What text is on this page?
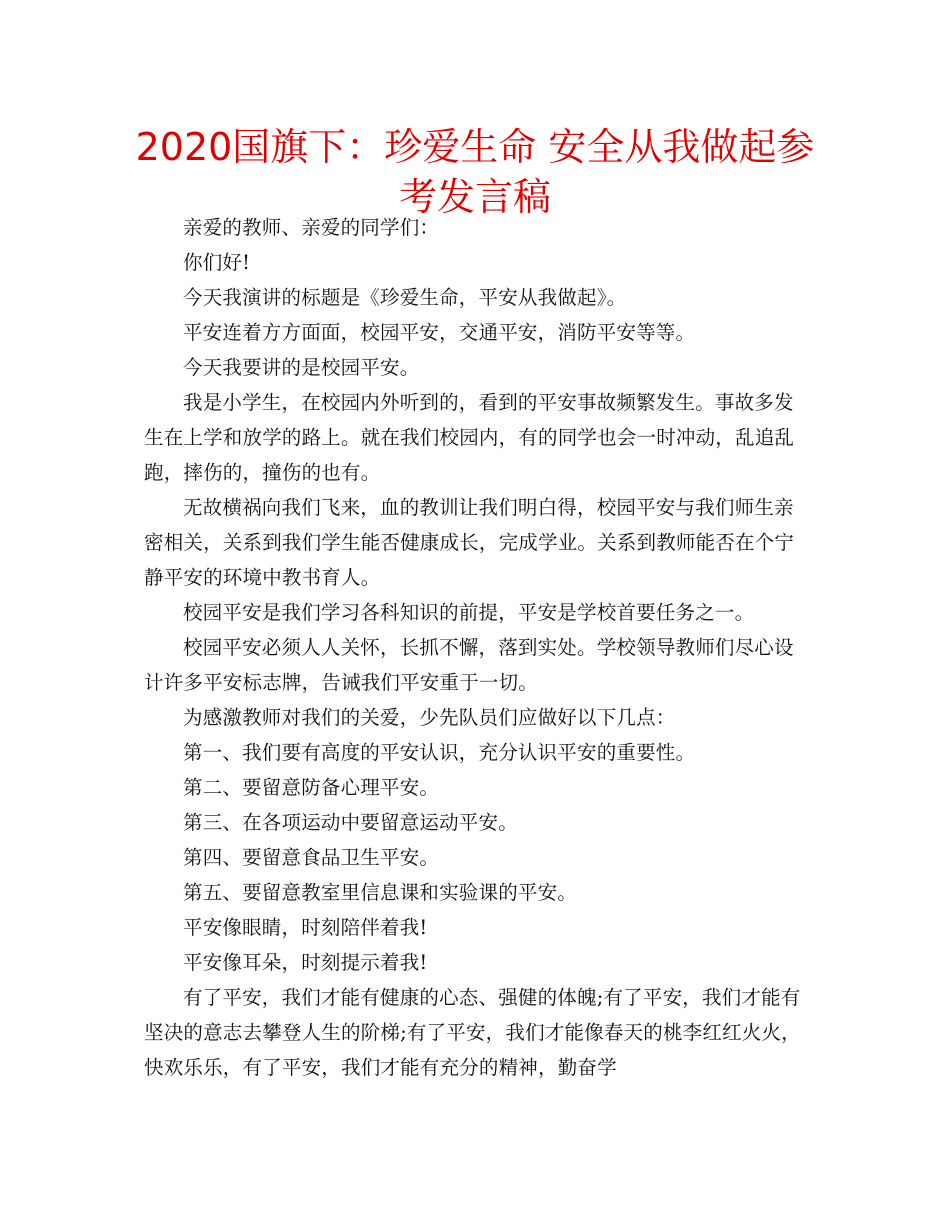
2020国旗下：珍爱生命 安全从我做起参考发言稿

亲爱的教师、亲爱的同学们：

你们好!

今天我演讲的标题是《珍爱生命，平安从我做起》。

平安连着方方面面，校园平安，交通平安，消防平安等等。

今天我要讲的是校园平安。

我是小学生，在校园内外听到的，看到的平安事故频繁发生。事故多发生在上学和放学的路上。就在我们校园内，有的同学也会一时冲动，乱追乱跑，摔伤的，撞伤的也有。

无故横祸向我们飞来，血的教训让我们明白得，校园平安与我们师生亲密相关，关系到我们学生能否健康成长，完成学业。关系到教师能否在个宁静平安的环境中教书育人。

校园平安是我们学习各科知识的前提，平安是学校首要任务之一。

校园平安必须人人关怀，长抓不懈，落到实处。学校领导教师们尽心设计许多平安标志牌，告诫我们平安重于一切。

为感激教师对我们的关爱，少先队员们应做好以下几点：

第一、我们要有高度的平安认识，充分认识平安的重要性。

第二、要留意防备心理平安。

第三、在各项运动中要留意运动平安。

第四、要留意食品卫生平安。

第五、要留意教室里信息课和实验课的平安。

平安像眼睛，时刻陪伴着我!

平安像耳朵，时刻提示着我!

有了平安，我们才能有健康的心态、强健的体魄;有了平安，我们才能有坚决的意志去攀登人生的阶梯;有了平安，我们才能像春天的桃李红红火火，快欢乐乐，有了平安，我们才能有充分的精神，勤奋学
